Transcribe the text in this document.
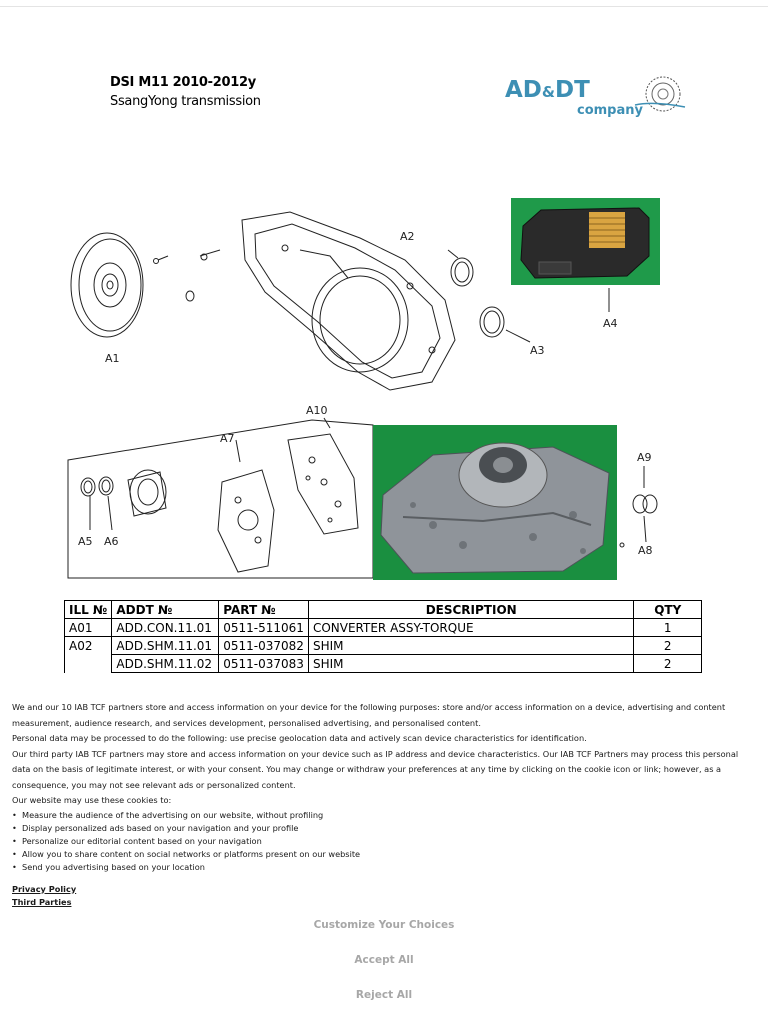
DSI M11 2010-2012y
SsangYong transmission	AD&DT
company
A2
A1
A3
A4
A10
A7
A9
A5 A6
A8
ILL №	ADDT №	PART №	DESCRIPTION	QTY
A01	ADD.CON.11.01	0511-511061	CONVERTER ASSY-TORQUE	1
A02	ADD.SHM.11.01	0511-037082	SHIM	2
	ADD.SHM.11.02	0511-037083	SHIM	2

We and our 10 IAB TCF partners store and access information on your device for the following purposes: store and/or access information on a device, advertising and content measurement, audience research, and services development, personalised advertising, and personalised content.

Personal data may be processed to do the following: use precise geolocation data and actively scan device characteristics for identification.

Our third party IAB TCF partners may store and access information on your device such as IP address and device characteristics. Our IAB TCF Partners may process this personal data on the basis of legitimate interest, or with your consent. You may change or withdraw your preferences at any time by clicking on the cookie icon or link; however, as a consequence, you may not see relevant ads or personalized content.

Our website may use these cookies to:

• Measure the audience of the advertising on our website, without profiling
• Display personalized ads based on your navigation and your profile
• Personalize our editorial content based on your navigation
• Allow you to share content on social networks or platforms present on our website
• Send you advertising based on your location
Privacy Policy
Third Parties
Customize Your Choices
Accept All
Reject All
